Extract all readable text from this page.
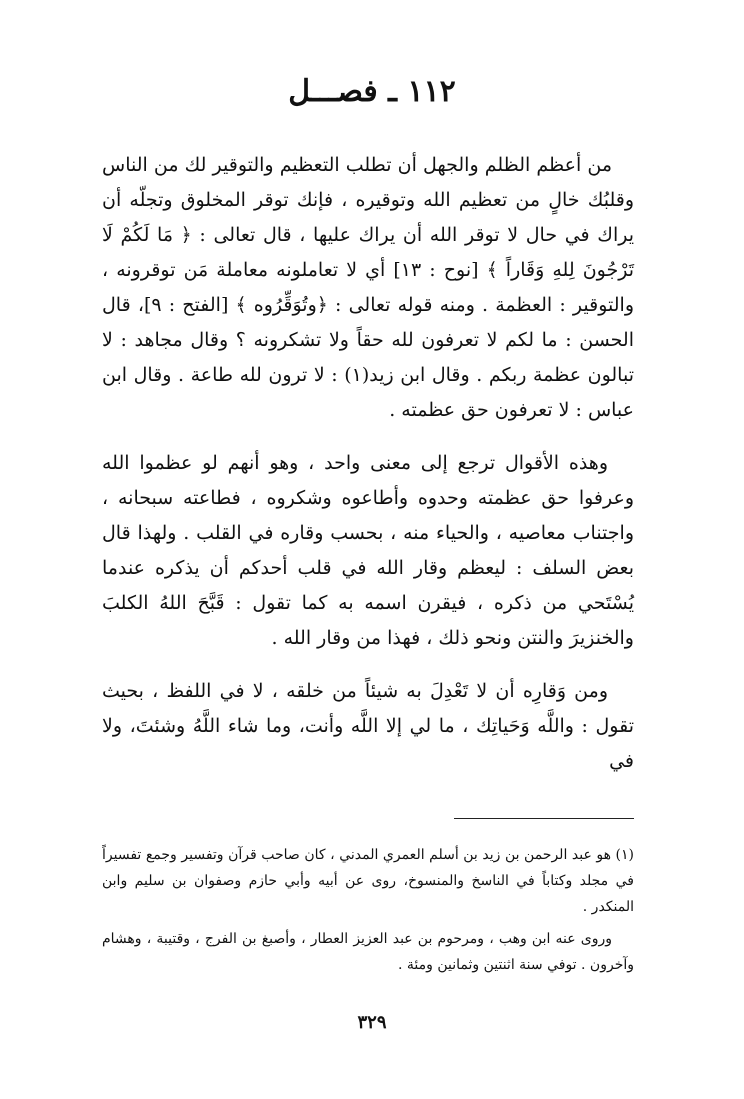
١١٢ ـ فصـــل

من أعظم الظلم والجهل أن تطلب التعظيم والتوقير لك من الناس وقلبُك خالٍ من تعظيم الله وتوقيره ، فإنك توقر المخلوق وتجلّه أن يراك في حال لا توقر الله أن يراك عليها ، قال تعالى : ﴿ مَا لَكُمْ لَا تَرْجُونَ لِلهِ وَقَاراً ﴾ [نوح : ١٣] أي لا تعاملونه معاملة مَن توقرونه ، والتوقير : العظمة . ومنه قوله تعالى : ﴿وتُوَقِّرُوه ﴾ [الفتح : ٩]، قال الحسن : ما لكم لا تعرفون لله حقاً ولا تشكرونه ؟ وقال مجاهد : لا تبالون عظمة ربكم . وقال ابن زيد(١) : لا ترون لله طاعة . وقال ابن عباس : لا تعرفون حق عظمته .

وهذه الأقوال ترجع إلى معنى واحد ، وهو أنهم لو عظموا الله وعرفوا حق عظمته وحدوه وأطاعوه وشكروه ، فطاعته سبحانه ، واجتناب معاصيه ، والحياء منه ، بحسب وقاره في القلب . ولهذا قال بعض السلف : ليعظم وقار الله في قلب أحدكم أن يذكره عندما يُسْتَحي من ذكره ، فيقرن اسمه به كما تقول : قَبَّحَ اللهُ الكلبَ والخنزيرَ والنتن ونحو ذلك ، فهذا من وقار الله .

ومن وَقارِه أن لا تَعْدِلَ به شيئاً من خلقه ، لا في اللفظ ، بحيث تقول : واللَّه وَحَياتِك ، ما لي إلا اللَّه وأنت، وما شاء اللَّهُ وشئتَ، ولا في

(١) هو عبد الرحمن بن زيد بن أسلم العمري المدني ، كان صاحب قرآن وتفسير وجمع تفسيراً في مجلد وكتاباً في الناسخ والمنسوخ، روى عن أبيه وأبي حازم وصفوان بن سليم وابن المنكدر .

وروى عنه ابن وهب ، ومرحوم بن عبد العزيز العطار ، وأصبغ بن الفرج ، وقتيبة ، وهشام وآخرون . توفي سنة اثنتين وثمانين ومئة .

٣٢٩
